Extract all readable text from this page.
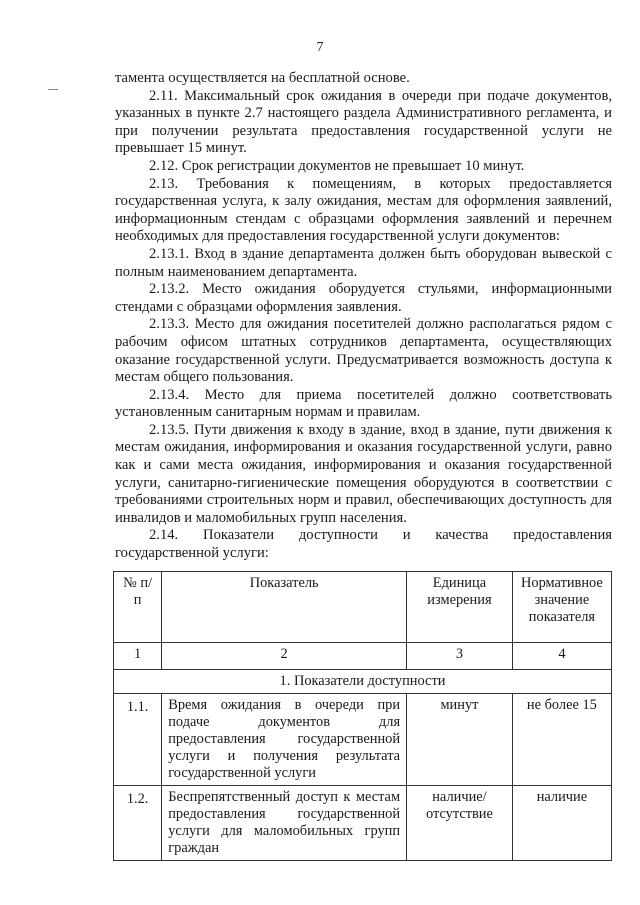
7

тамента осуществляется на бесплатной основе.

2.11. Максимальный срок ожидания в очереди при подаче документов, указанных в пункте 2.7 настоящего раздела Административного регламента, и при получении результата предоставления государственной услуги не превышает 15 минут.

2.12. Срок регистрации документов не превышает 10 минут.

2.13. Требования к помещениям, в которых предоставляется государственная услуга, к залу ожидания, местам для оформления заявлений, информационным стендам с образцами оформления заявлений и перечнем необходимых для предоставления государственной услуги документов:

2.13.1. Вход в здание департамента должен быть оборудован вывеской с полным наименованием департамента.

2.13.2. Место ожидания оборудуется стульями, информационными стендами с образцами оформления заявления.

2.13.3. Место для ожидания посетителей должно располагаться рядом с рабочим офисом штатных сотрудников департамента, осуществляющих оказание государственной услуги. Предусматривается возможность доступа к местам общего пользования.

2.13.4. Место для приема посетителей должно соответствовать установленным санитарным нормам и правилам.

2.13.5. Пути движения к входу в здание, вход в здание, пути движения к местам ожидания, информирования и оказания государственной услуги, равно как и сами места ожидания, информирования и оказания государственной услуги, санитарно-гигиенические помещения оборудуются в соответствии с требованиями строительных норм и правил, обеспечивающих доступность для инвалидов и маломобильных групп населения.

2.14. Показатели доступности и качества предоставления государственной услуги:

№ п/п	Показатель	Единица измерения	Нормативное значение показателя
1	2	3	4
1. Показатели доступности			
1.1.	Время ожидания в очереди при подаче документов для предоставления государственной услуги и получения результата государственной услуги	минут	не более 15
1.2.	Беспрепятственный доступ к местам предоставления государственной услуги для маломобильных групп граждан	наличие/отсутствие	наличие
